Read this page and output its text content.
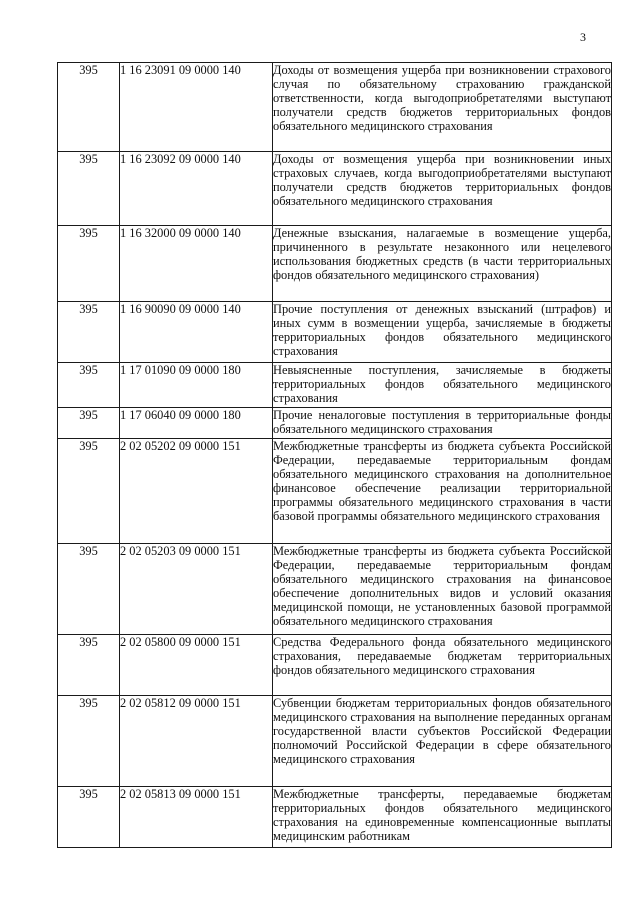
3
395	1 16 23091 09 0000 140	Доходы от возмещения ущерба при возникновении страхового случая по обязательному страхованию гражданской ответственности, когда выгодоприобретателями выступают получатели средств бюджетов территориальных фондов обязательного медицинского страхования

395	1 16 23092 09 0000 140	Доходы от возмещения ущерба при возникновении иных страховых случаев, когда выгодоприобретателями выступают получатели средств бюджетов территориальных фондов обязательного медицинского страхования

395	1 16 32000 09 0000 140	Денежные взыскания, налагаемые в возмещение ущерба, причиненного в результате незаконного или нецелевого использования бюджетных средств (в части территориальных фондов обязательного медицинского страхования)

395	1 16 90090 09 0000 140	Прочие поступления от денежных взысканий (штрафов) и иных сумм в возмещении ущерба, зачисляемые в бюджеты территориальных фондов обязательного медицинского страхования

395	1 17 01090 09 0000 180	Невыясненные поступления, зачисляемые в бюджеты территориальных фондов обязательного медицинского страхования

395	1 17 06040 09 0000 180	Прочие неналоговые поступления в территориальные фонды обязательного медицинского страхования

395	2 02 05202 09 0000 151	Межбюджетные трансферты из бюджета субъекта Российской Федерации, передаваемые территориальным фондам обязательного медицинского страхования на дополнительное финансовое обеспечение реализации территориальной программы обязательного медицинского страхования в части базовой программы обязательного медицинского страхования

395	2 02 05203 09 0000 151	Межбюджетные трансферты из бюджета субъекта Российской Федерации, передаваемые территориальным фондам обязательного медицинского страхования на финансовое обеспечение дополнительных видов и условий оказания медицинской помощи, не установленных базовой программой обязательного медицинского страхования

395	2 02 05800 09 0000 151	Средства Федерального фонда обязательного медицинского страхования, передаваемые бюджетам территориальных фондов обязательного медицинского страхования

395	2 02 05812 09 0000 151	Субвенции бюджетам территориальных фондов обязательного медицинского страхования на выполнение переданных органам государственной власти субъектов Российской Федерации полномочий Российской Федерации в сфере обязательного медицинского страхования

395	2 02 05813 09 0000 151	Межбюджетные трансферты, передаваемые бюджетам территориальных фондов обязательного медицинского страхования на единовременные компенсационные выплаты медицинским работникам
